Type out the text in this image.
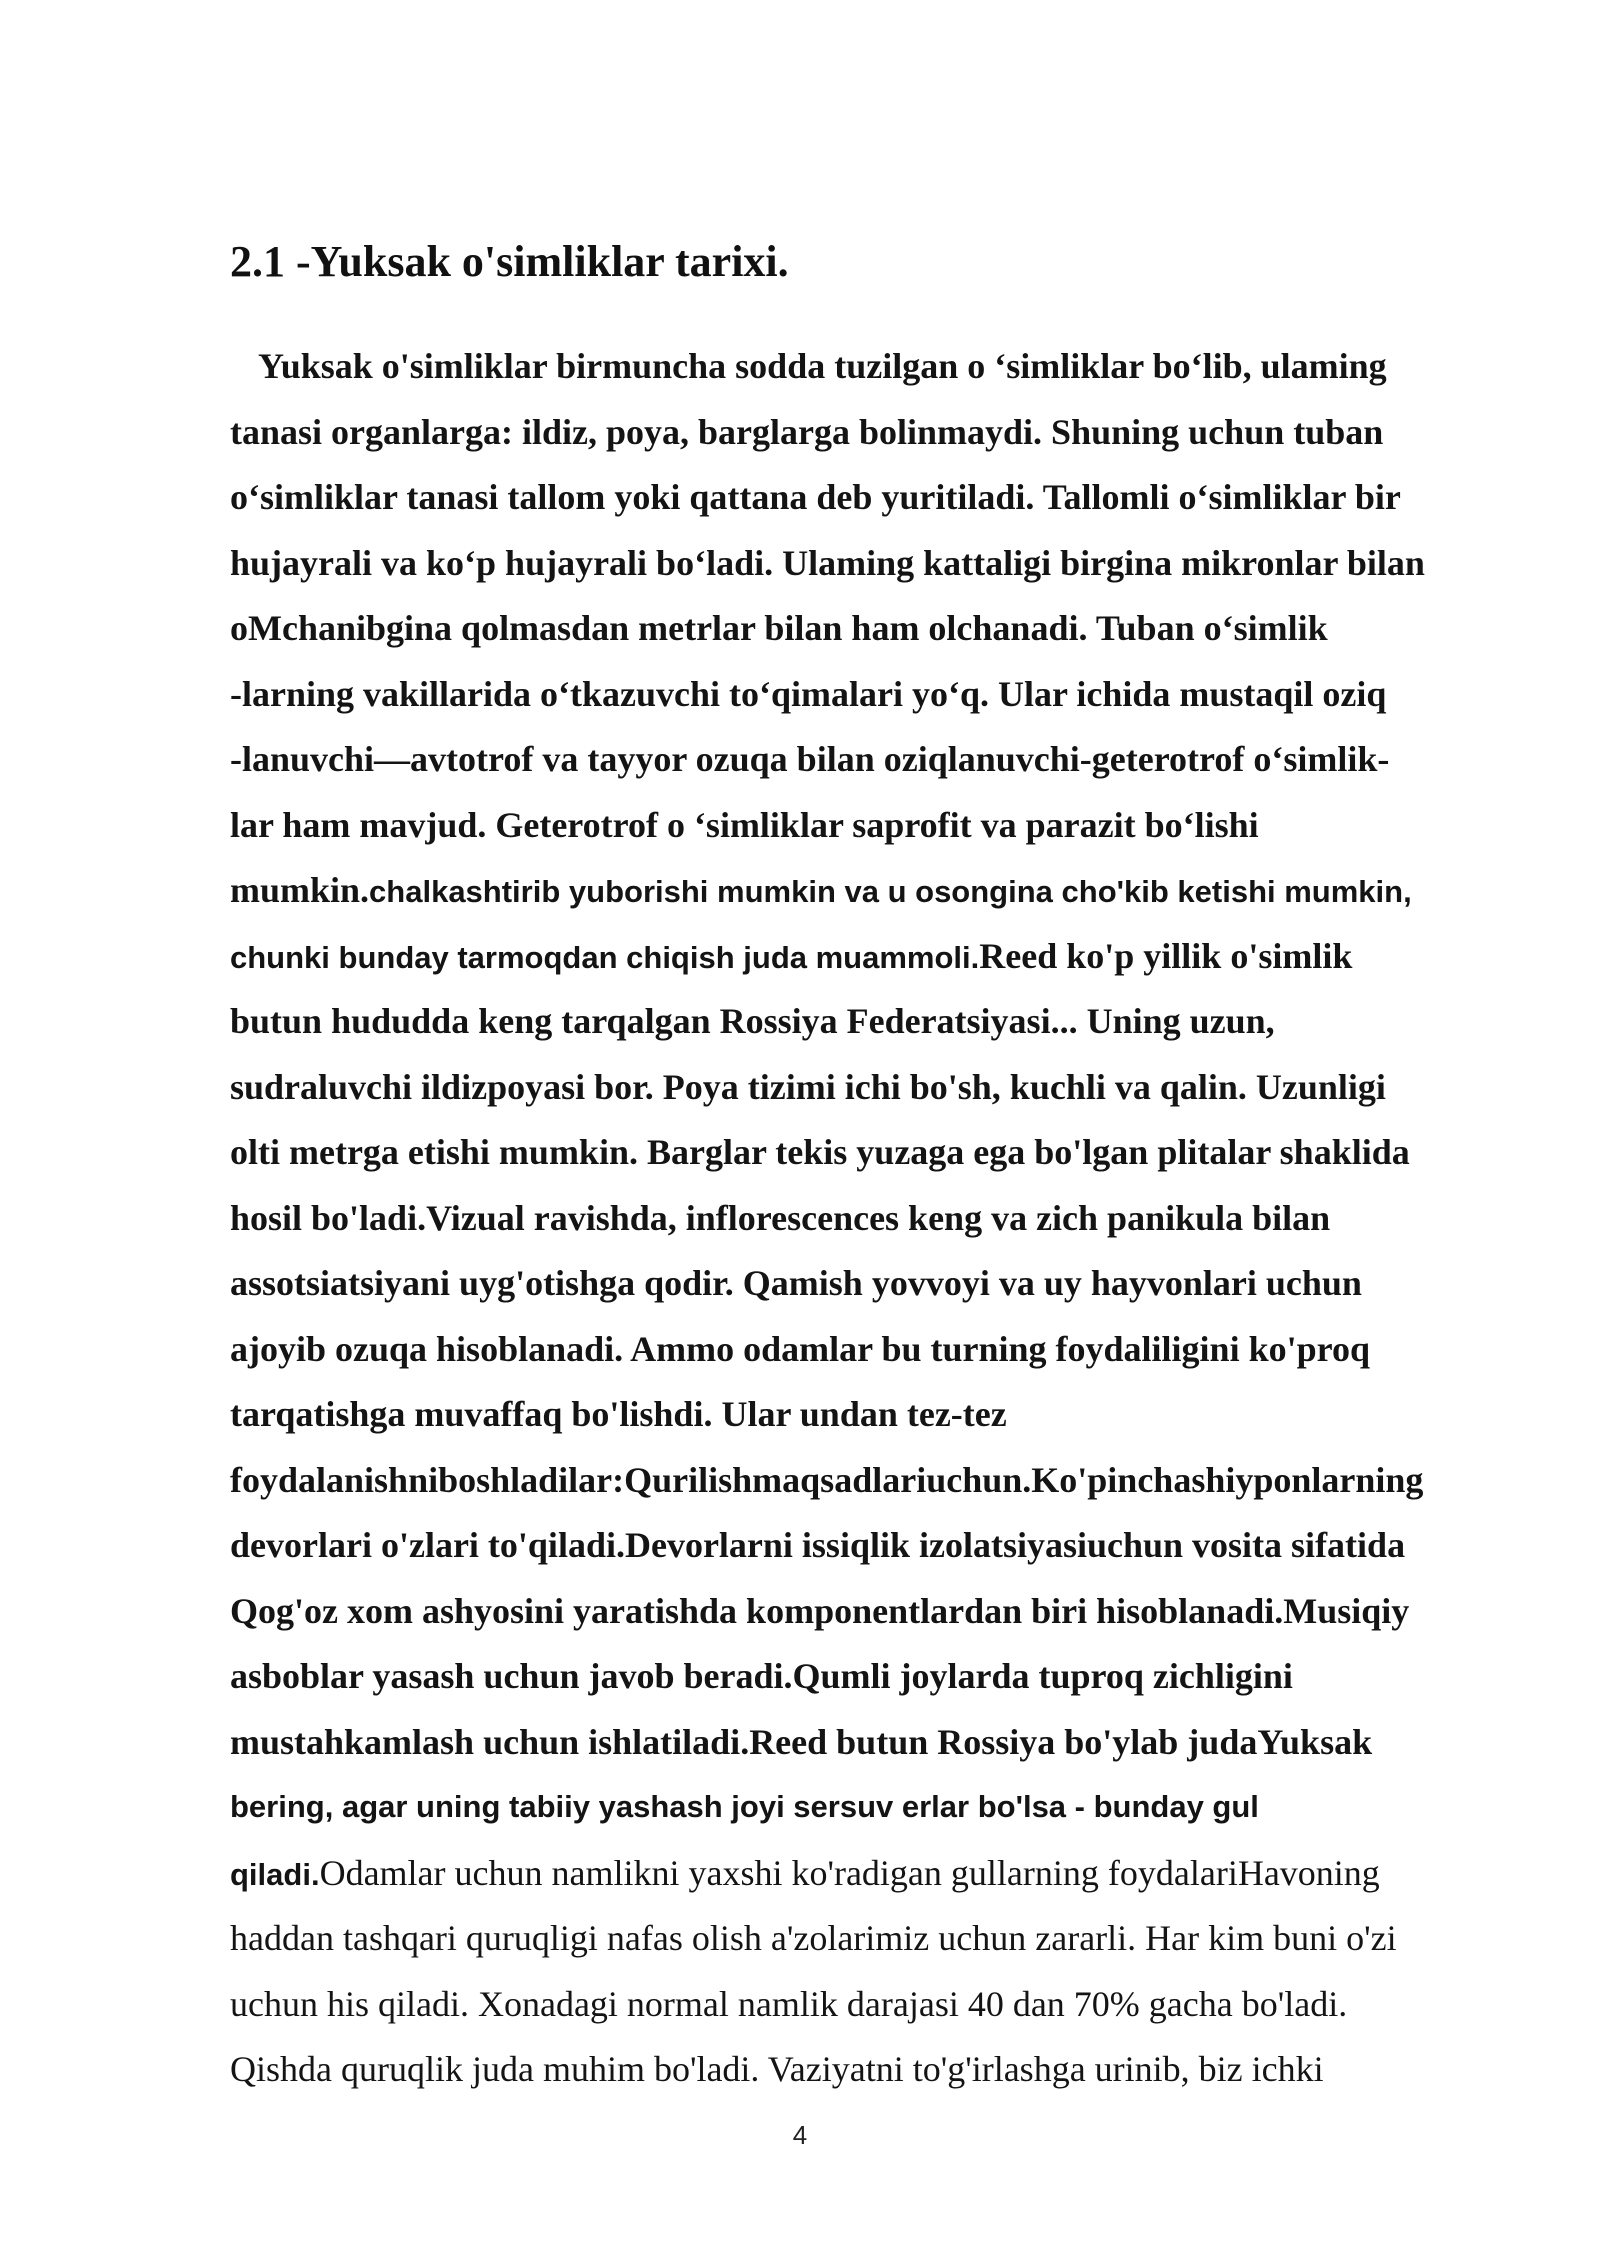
2.1 -Yuksak o'simliklar tarixi.
Yuksak o'simliklar birmuncha sodda tuzilgan o ‘simliklar bo‘lib, ulaming
tanasi organlarga: ildiz, poya, barglarga bolinmaydi. Shuning uchun tuban
o‘simliklar tanasi tallom yoki qattana deb yuritiladi. Tallomli o‘simliklar bir
hujayrali va ko‘p hujayrali bo‘ladi. Ulaming kattaligi birgina mikronlar bilan
oMchanibgina qolmasdan metrlar bilan ham olchanadi. Tuban o‘simlik
-larning vakillarida o‘tkazuvchi to‘qimalari yo‘q. Ular ichida mustaqil oziq
-lanuvchi—avtotrof va tayyor ozuqa bilan oziqlanuvchi-geterotrof o‘simlik-
lar ham mavjud. Geterotrof o ‘simliklar saprofit va parazit bo‘lishi
mumkin.chalkashtirib yuborishi mumkin va u osongina cho'kib ketishi mumkin,
chunki bunday tarmoqdan chiqish juda muammoli.Reed ko'p yillik o'simlik
butun hududda keng tarqalgan Rossiya Federatsiyasi... Uning uzun,
sudraluvchi ildizpoyasi bor. Poya tizimi ichi bo'sh, kuchli va qalin. Uzunligi
olti metrga etishi mumkin. Barglar tekis yuzaga ega bo'lgan plitalar shaklida
hosil bo'ladi.Vizual ravishda, inflorescences keng va zich panikula bilan
assotsiatsiyani uyg'otishga qodir. Qamish yovvoyi va uy hayvonlari uchun
ajoyib ozuqa hisoblanadi. Ammo odamlar bu turning foydaliligini ko'proq
tarqatishga muvaffaq bo'lishdi. Ular undan tez-tez
foydalanishniboshladilar:Qurilishmaqsadlariuchun.Ko'pinchashiyponlarning
devorlari o'zlari to'qiladi.Devorlarni issiqlik izolatsiyasiuchun vosita sifatida
Qog'oz xom ashyosini yaratishda komponentlardan biri hisoblanadi.Musiqiy
asboblar yasash uchun javob beradi.Qumli joylarda tuproq zichligini
mustahkamlash uchun ishlatiladi.Reed butun Rossiya bo'ylab judaYuksak
bering, agar uning tabiiy yashash joyi sersuv erlar bo'lsa - bunday gul
qiladi.Odamlar uchun namlikni yaxshi ko'radigan gullarning foydalariHavoning
haddan tashqari quruqligi nafas olish a'zolarimiz uchun zararli. Har kim buni o'zi
uchun his qiladi. Xonadagi normal namlik darajasi 40 dan 70% gacha bo'ladi.
Qishda quruqlik juda muhim bo'ladi. Vaziyatni to'g'irlashga urinib, biz ichki
4
